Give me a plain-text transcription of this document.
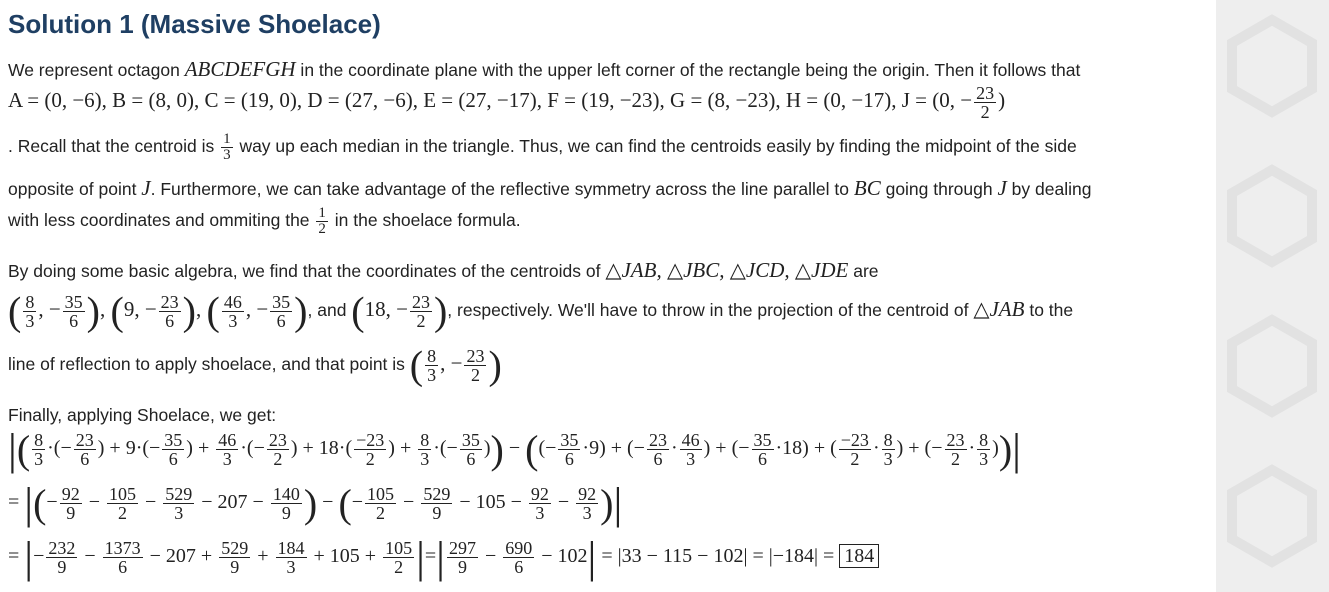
Solution 1 (Massive Shoelace)
We represent octagon ABCDEFGH in the coordinate plane with the upper left corner of the rectangle being the origin. Then it follows that
A = (0, −6), B = (8, 0), C = (19, 0), D = (27, −6), E = (27, −17), F = (19, −23), G = (8, −23), H = (0, −17), J = (0, − $\frac{23}{2}$ )
. Recall that the centroid is $\frac{1}{3}$ way up each median in the triangle. Thus, we can find the centroids easily by finding the midpoint of the side
opposite of point J. Furthermore, we can take advantage of the reflective symmetry across the line parallel to BC going through J by dealing
with less coordinates and ommiting the $\frac{1}{2}$ in the shoelace formula.
By doing some basic algebra, we find that the coordinates of the centroids of △JAB, △JBC, △JCD, △JDE are
( $\frac{8}{3}$ , − $\frac{35}{6}$ ), (9, − $\frac{23}{6}$ ), ( $\frac{46}{3}$ , − $\frac{35}{6}$ ), and (18, − $\frac{23}{2}$ ), respectively. We'll have to throw in the projection of the centroid of △JAB to the
line of reflection to apply shoelace, and that point is ( $\frac{8}{3}$ , − $\frac{23}{2}$ )
Finally, applying Shoelace, we get:
|( $\frac{8}{3}$ ·(− $\frac{23}{6}$ ) + $9\cdot(- \frac{35}{6}$ ) + $\frac{46}{3}$ ·(− $\frac{23}{2}$ ) + $18\cdot( \frac{-23}{2}$ ) + $\frac{8}{3}$ ·(− $\frac{35}{6}$ )) − ((− $\frac{35}{6} \cdot 9$) + (− $\frac{23}{6} \cdot \frac{46}{3}$ ) + (− $\frac{35}{6} \cdot 18$) + ( $\frac{-23}{2} \cdot \frac{8}{3}$ ) + (− $\frac{23}{2} \cdot \frac{8}{3}$ ))|
= |(− $\frac{92}{9} - \frac{105}{2} - \frac{529}{3} - 207 - \frac{140}{9}$ ) − (− $\frac{105}{2} - \frac{529}{9} - 105 - \frac{92}{3} - \frac{92}{3}$ )|
= |− $\frac{232}{9} - \frac{1373}{6} - 207 + \frac{529}{9} + \frac{184}{3} + 105 + \frac{105}{2}$ |=| $\frac{297}{9} - \frac{690}{6} - 102| = |33 - 115 - 102| = |-184| = 184$
